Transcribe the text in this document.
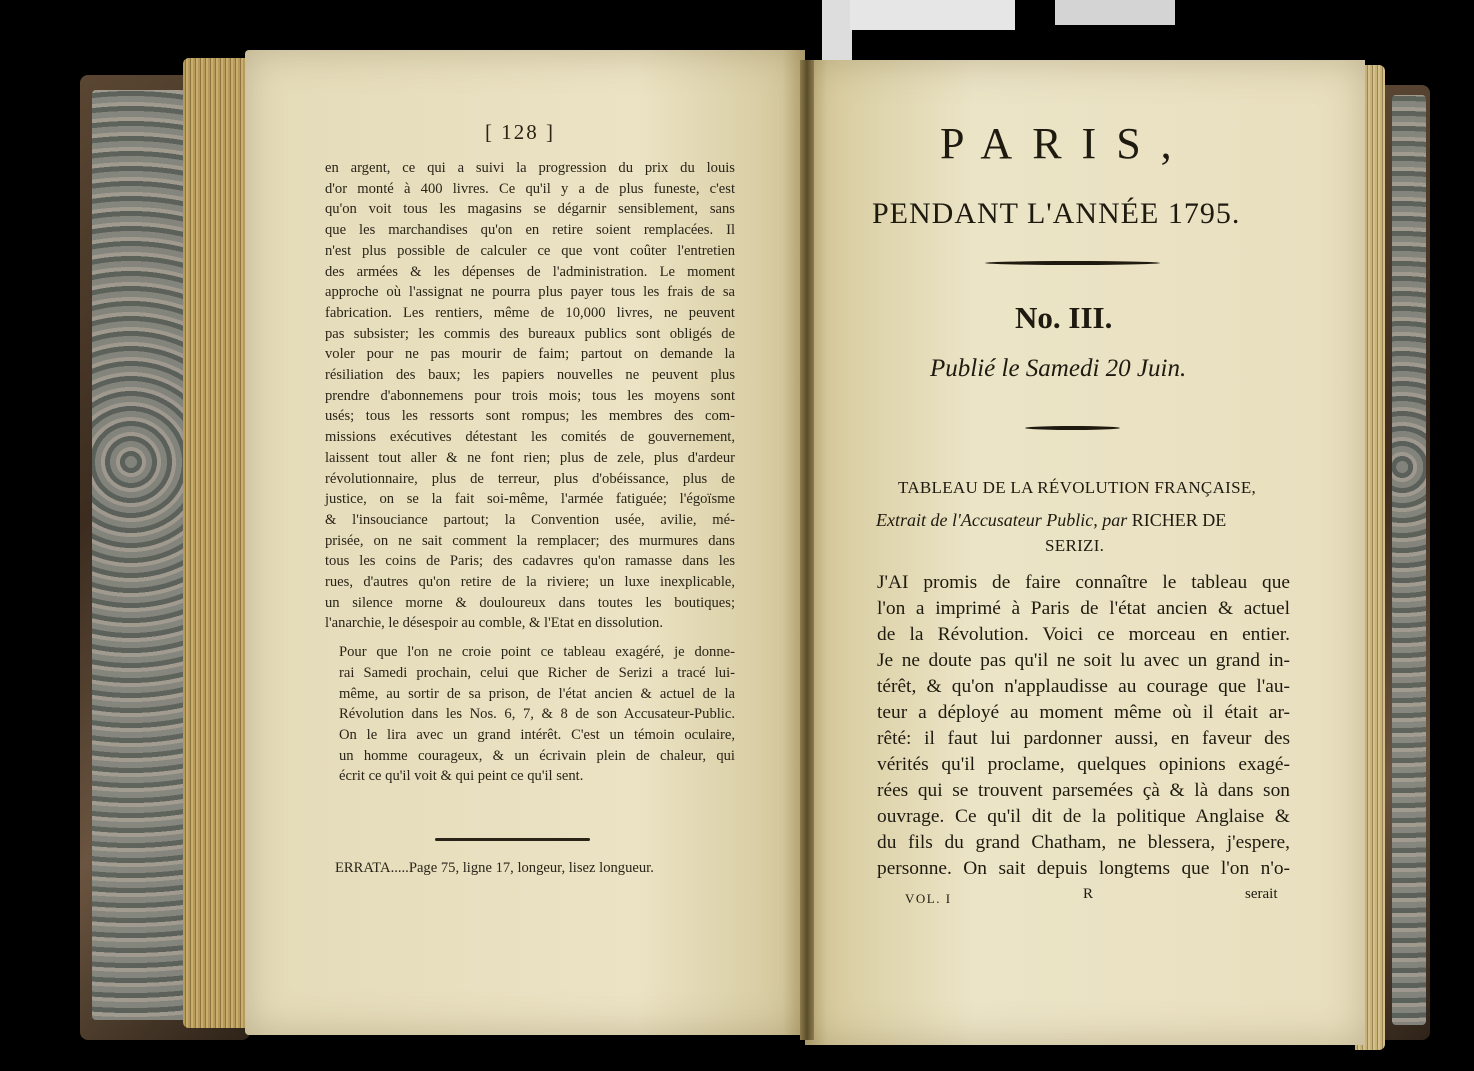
[ 128 ]

en argent, ce qui a suivi la progression du prix du louis
d'or monté à 400 livres. Ce qu'il y a de plus funeste, c'est
qu'on voit tous les magasins se dégarnir sensiblement, sans
que les marchandises qu'on en retire soient remplacées. Il
n'est plus possible de calculer ce que vont coûter l'entretien
des armées & les dépenses de l'administration. Le moment
approche où l'assignat ne pourra plus payer tous les frais de sa
fabrication. Les rentiers, même de 10,000 livres, ne peuvent
pas subsister; les commis des bureaux publics sont obligés de
voler pour ne pas mourir de faim; partout on demande la
résiliation des baux; les papiers nouvelles ne peuvent plus
prendre d'abonnemens pour trois mois; tous les moyens sont
usés; tous les ressorts sont rompus; les membres des com-
missions exécutives détestant les comités de gouvernement,
laissent tout aller & ne font rien; plus de zele, plus d'ardeur
révolutionnaire, plus de terreur, plus d'obéissance, plus de
justice, on se la fait soi-même, l'armée fatiguée; l'égoïsme
& l'insouciance partout; la Convention usée, avilie, mé-
prisée, on ne sait comment la remplacer; des murmures dans
tous les coins de Paris; des cadavres qu'on ramasse dans les
rues, d'autres qu'on retire de la riviere; un luxe inexplicable,
un silence morne & douloureux dans toutes les boutiques;
l'anarchie, le désespoir au comble, & l'Etat en dissolution.

Pour que l'on ne croie point ce tableau exagéré, je donne-
rai Samedi prochain, celui que Richer de Serizi a tracé lui-
même, au sortir de sa prison, de l'état ancien & actuel de la
Révolution dans les Nos. 6, 7, & 8 de son Accusateur-Public.
On le lira avec un grand intérêt. C'est un témoin oculaire,
un homme courageux, & un écrivain plein de chaleur, qui
écrit ce qu'il voit & qui peint ce qu'il sent.

ERRATA.....Page 75, ligne 17, longeur, lisez longueur.
PARIS,
PENDANT L'ANNÉE 1795.
No. III.
Publié le Samedi 20 Juin.
TABLEAU DE LA RÉVOLUTION FRANÇAISE,
Extrait de l'Accusateur Public, par RICHER DE
SERIZI.
J'AI promis de faire connaître le tableau que
l'on a imprimé à Paris de l'état ancien & actuel
de la Révolution. Voici ce morceau en entier.
Je ne doute pas qu'il ne soit lu avec un grand in-
térêt, & qu'on n'applaudisse au courage que l'au-
teur a déployé au moment même où il était ar-
rêté: il faut lui pardonner aussi, en faveur des
vérités qu'il proclame, quelques opinions exagé-
rées qui se trouvent parsemées çà & là dans son
ouvrage. Ce qu'il dit de la politique Anglaise &
du fils du grand Chatham, ne blessera, j'espere,
personne. On sait depuis longtems que l'on n'o-
VOL. I	R	serait
